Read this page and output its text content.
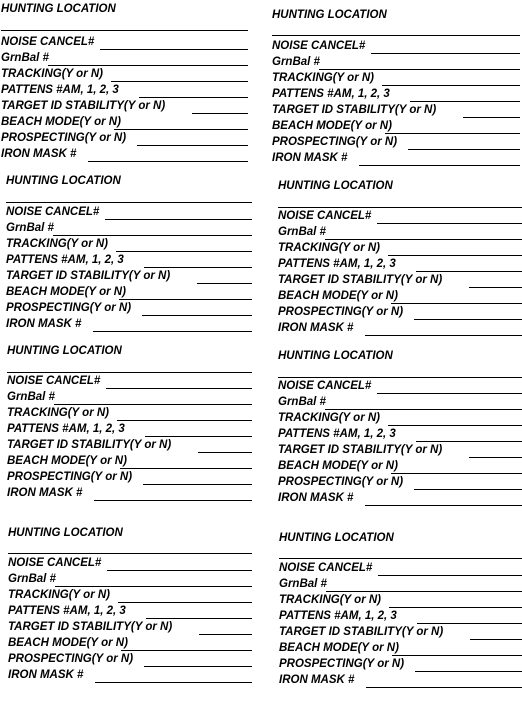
HUNTING LOCATION
NOISE CANCEL#
GrnBal #
TRACKING(Y or N)
PATTENS #AM, 1, 2, 3
TARGET ID STABILITY(Y or N)
BEACH MODE(Y or N)
PROSPECTING(Y or N)
IRON MASK #
HUNTING LOCATION
NOISE CANCEL#
GrnBal #
TRACKING(Y or N)
PATTENS #AM, 1, 2, 3
TARGET ID STABILITY(Y or N)
BEACH MODE(Y or N)
PROSPECTING(Y or N)
IRON MASK #
HUNTING LOCATION
NOISE CANCEL#
GrnBal #
TRACKING(Y or N)
PATTENS #AM, 1, 2, 3
TARGET ID STABILITY(Y or N)
BEACH MODE(Y or N)
PROSPECTING(Y or N)
IRON MASK #
HUNTING LOCATION
NOISE CANCEL#
GrnBal #
TRACKING(Y or N)
PATTENS #AM, 1, 2, 3
TARGET ID STABILITY(Y or N)
BEACH MODE(Y or N)
PROSPECTING(Y or N)
IRON MASK #
HUNTING LOCATION
NOISE CANCEL#
GrnBal #
TRACKING(Y or N)
PATTENS #AM, 1, 2, 3
TARGET ID STABILITY(Y or N)
BEACH MODE(Y or N)
PROSPECTING(Y or N)
IRON MASK #
HUNTING LOCATION
NOISE CANCEL#
GrnBal #
TRACKING(Y or N)
PATTENS #AM, 1, 2, 3
TARGET ID STABILITY(Y or N)
BEACH MODE(Y or N)
PROSPECTING(Y or N)
IRON MASK #
HUNTING LOCATION
NOISE CANCEL#
GrnBal #
TRACKING(Y or N)
PATTENS #AM, 1, 2, 3
TARGET ID STABILITY(Y or N)
BEACH MODE(Y or N)
PROSPECTING(Y or N)
IRON MASK #
HUNTING LOCATION
NOISE CANCEL#
GrnBal #
TRACKING(Y or N)
PATTENS #AM, 1, 2, 3
TARGET ID STABILITY(Y or N)
BEACH MODE(Y or N)
PROSPECTING(Y or N)
IRON MASK #
